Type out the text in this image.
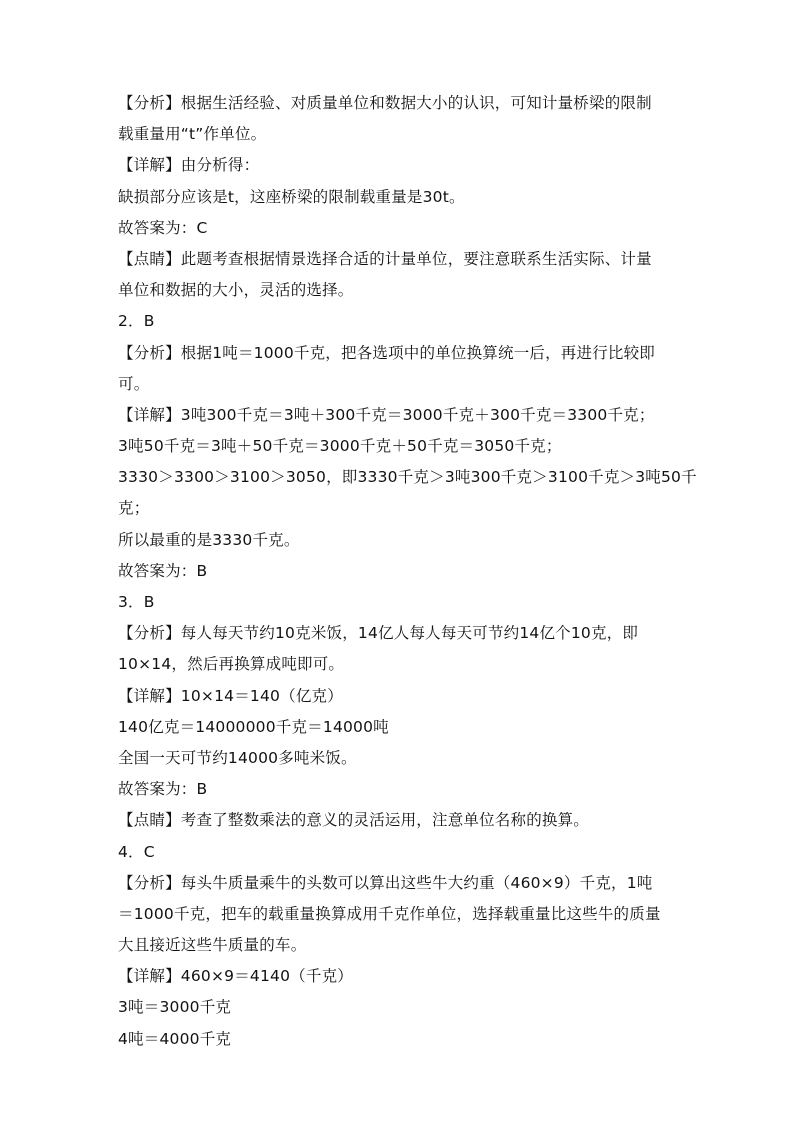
【分析】根据生活经验、对质量单位和数据大小的认识，可知计量桥梁的限制
载重量用“t”作单位。
【详解】由分析得：
缺损部分应该是t，这座桥梁的限制载重量是30t。
故答案为：C
【点睛】此题考查根据情景选择合适的计量单位，要注意联系生活实际、计量
单位和数据的大小，灵活的选择。
2．B
【分析】根据1吨＝1000千克，把各选项中的单位换算统一后，再进行比较即
可。
【详解】3吨300千克＝3吨＋300千克＝3000千克＋300千克＝3300千克；
3吨50千克＝3吨＋50千克＝3000千克＋50千克＝3050千克；
3330＞3300＞3100＞3050，即3330千克＞3吨300千克＞3100千克＞3吨50千
克；
所以最重的是3330千克。
故答案为：B
3．B
【分析】每人每天节约10克米饭，14亿人每人每天可节约14亿个10克，即
10×14，然后再换算成吨即可。
【详解】10×14＝140（亿克）
140亿克＝14000000千克＝14000吨
全国一天可节约14000多吨米饭。
故答案为：B
【点睛】考查了整数乘法的意义的灵活运用，注意单位名称的换算。
4．C
【分析】每头牛质量乘牛的头数可以算出这些牛大约重（460×9）千克，1吨
＝1000千克，把车的载重量换算成用千克作单位，选择载重量比这些牛的质量
大且接近这些牛质量的车。
【详解】460×9＝4140（千克）
3吨＝3000千克
4吨＝4000千克
